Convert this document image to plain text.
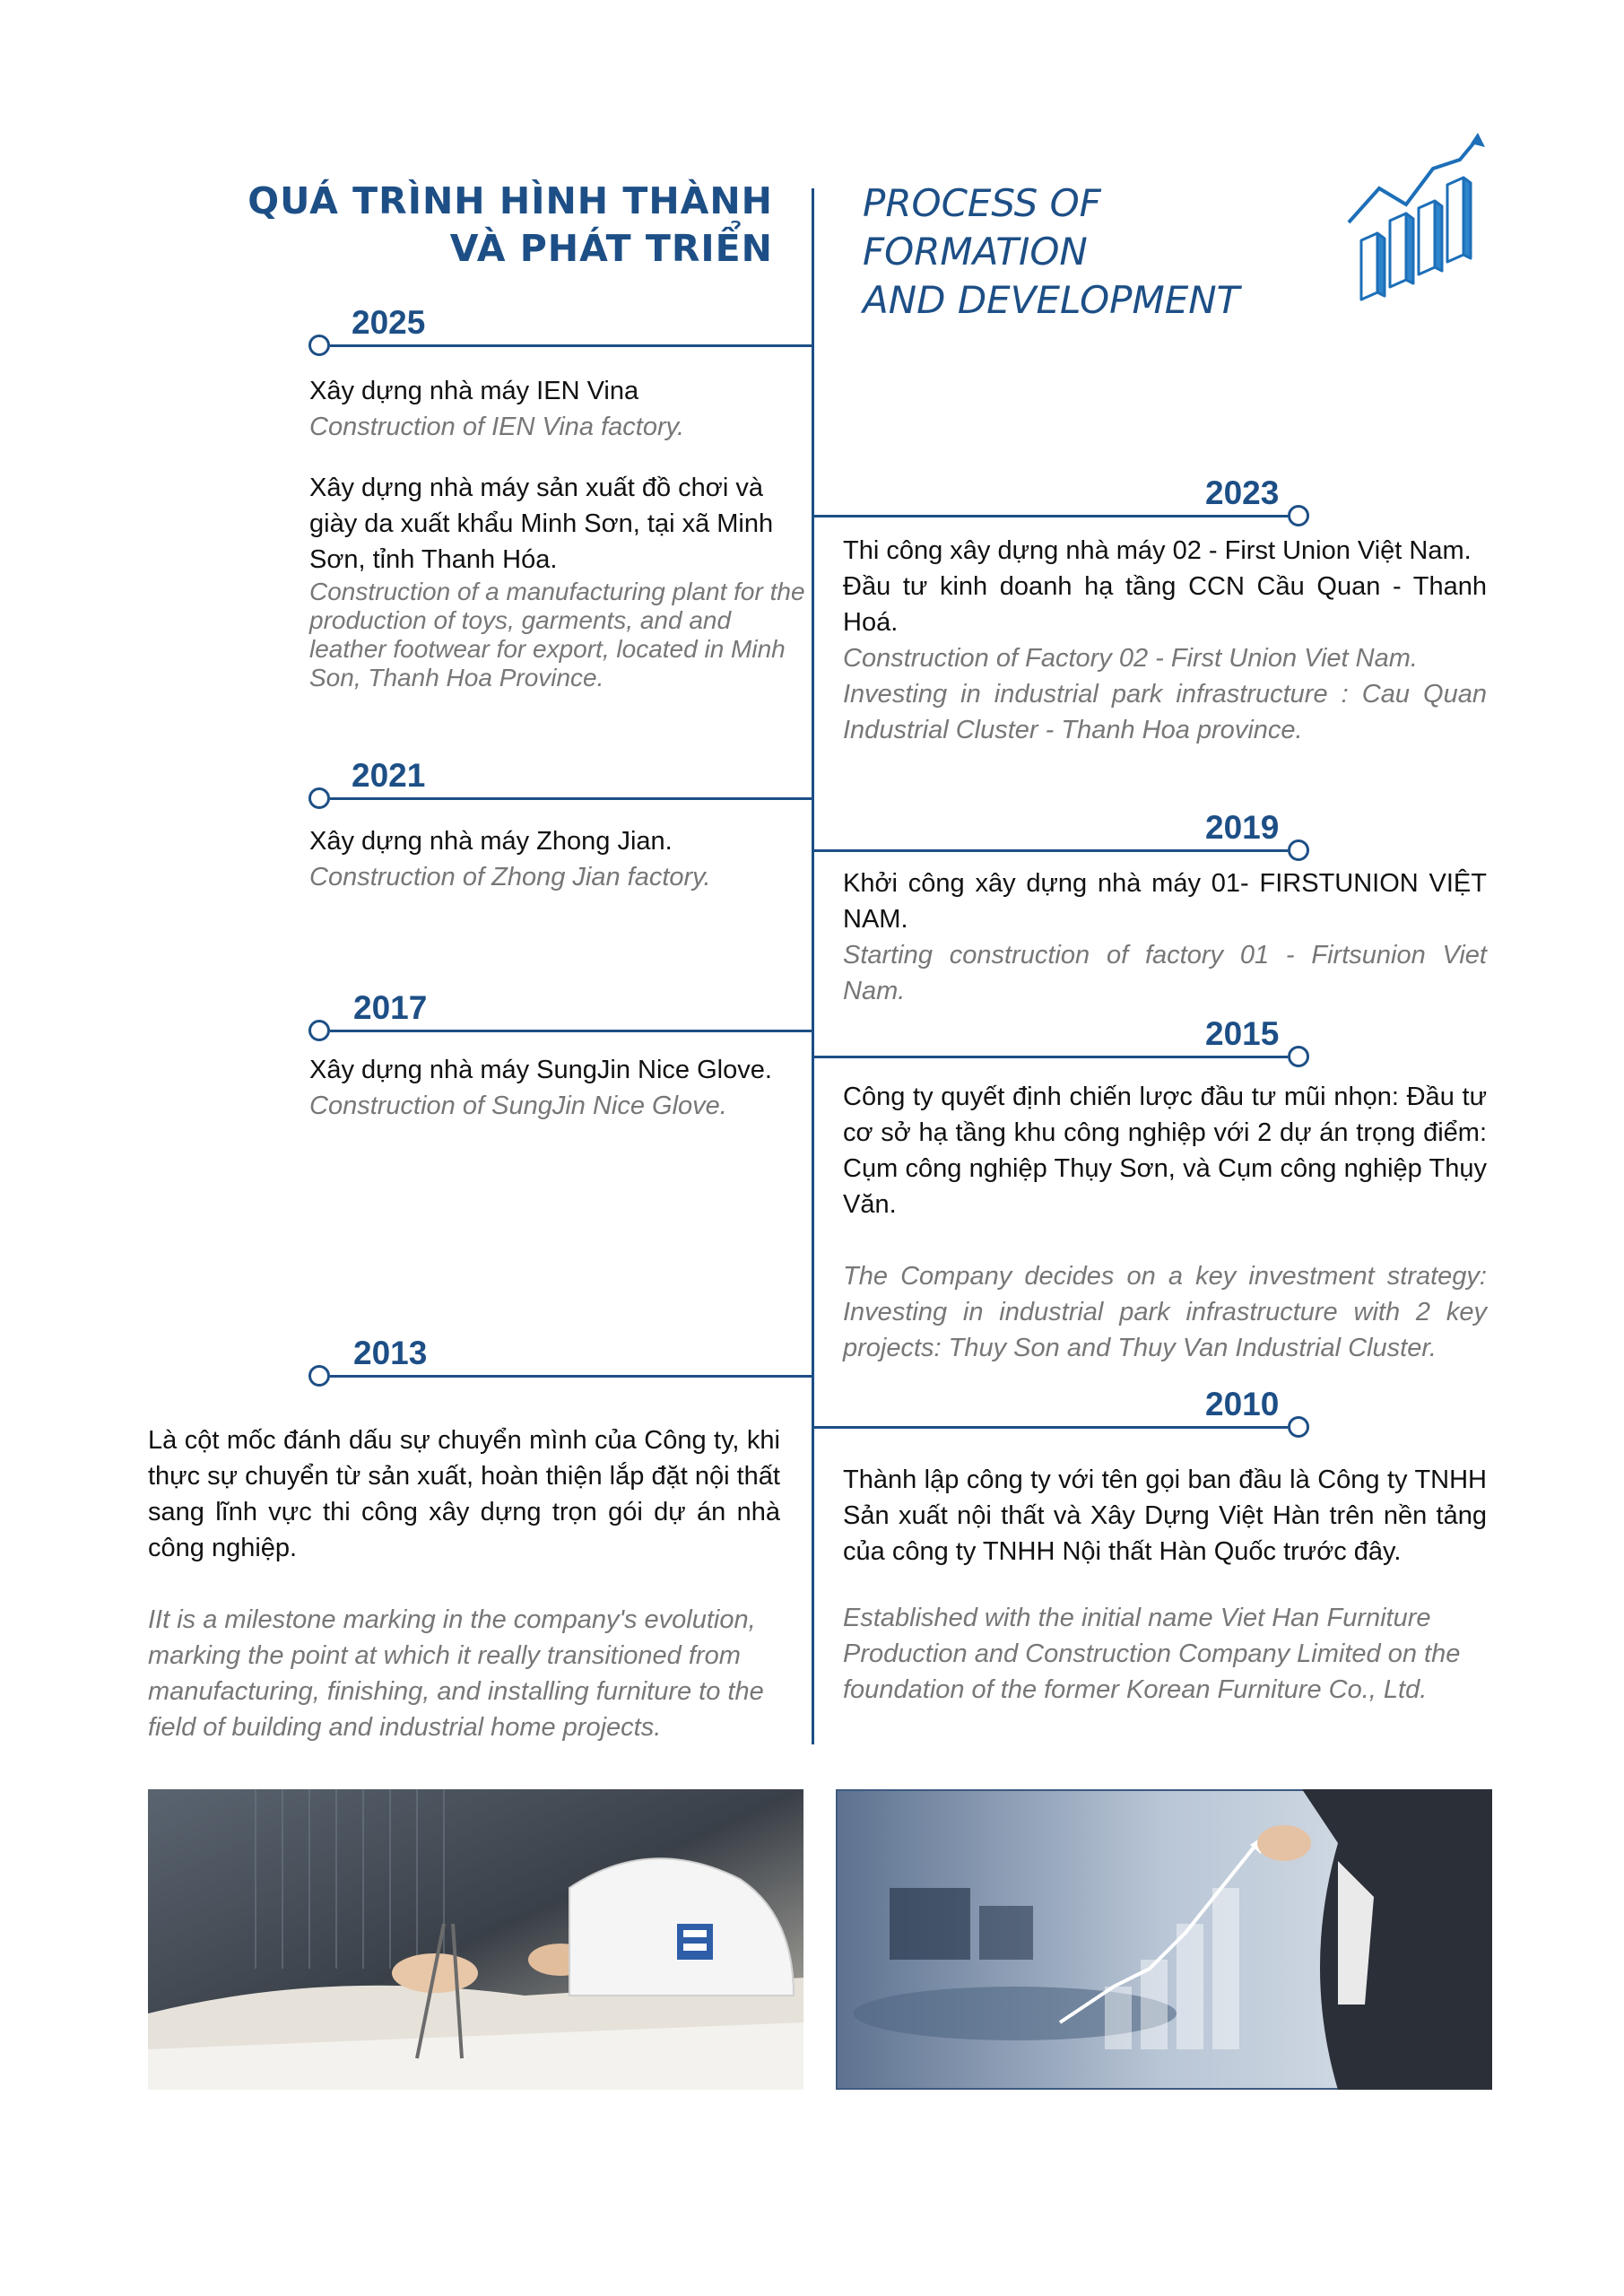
QUÁ TRÌNH HÌNH THÀNH
VÀ PHÁT TRIỂN
PROCESS OF FORMATION
AND DEVELOPMENT
2025
Xây dựng nhà máy IEN Vina
Construction of IEN Vina factory.
Xây dựng nhà máy sản xuất đồ chơi và giày da xuất khẩu Minh Sơn, tại xã Minh Sơn, tỉnh Thanh Hóa.
Construction of a manufacturing plant for the production of toys, garments, and and leather footwear for export, located in Minh Son, Thanh Hoa Province.
2021
Xây dựng nhà máy Zhong Jian.
Construction of Zhong Jian factory.
2017
Xây dựng nhà máy SungJin Nice Glove.
Construction of SungJin Nice Glove.
2013
Là cột mốc đánh dấu sự chuyển mình của Công ty, khi thực sự chuyển từ sản xuất, hoàn thiện lắp đặt nội thất sang lĩnh vực thi công xây dựng trọn gói dự án nhà công nghiệp.
IIt is a milestone marking in the company's evolution, marking the point at which it really transitioned from manufacturing, finishing, and installing furniture to the field of building and industrial home projects.
2023
Thi công xây dựng nhà máy 02 - First Union Việt Nam.
Đầu tư kinh doanh hạ tầng CCN Cầu Quan - Thanh Hoá.
Construction of Factory 02 - First Union Viet Nam.
Investing in industrial park infrastructure : Cau Quan Industrial Cluster - Thanh Hoa province.
2019
Khởi công xây dựng nhà máy 01- FIRSTUNION VIỆT NAM.
Starting construction of factory 01 - Firtsunion Viet Nam.
2015
Công ty quyết định chiến lược đầu tư mũi nhọn: Đầu tư cơ sở hạ tầng khu công nghiệp với 2 dự án trọng điểm: Cụm công nghiệp Thụy Sơn, và Cụm công nghiệp Thụy Văn.
The Company decides on a key investment strategy: Investing in industrial park infrastructure with 2 key projects: Thuy Son and Thuy Van Industrial Cluster.
2010
Thành lập công ty với tên gọi ban đầu là Công ty TNHH Sản xuất nội thất và Xây Dựng Việt Hàn trên nền tảng của công ty TNHH Nội thất Hàn Quốc trước đây.
Established with the initial name Viet Han Furniture Production and Construction Company Limited on the foundation of the former Korean Furniture Co., Ltd.
